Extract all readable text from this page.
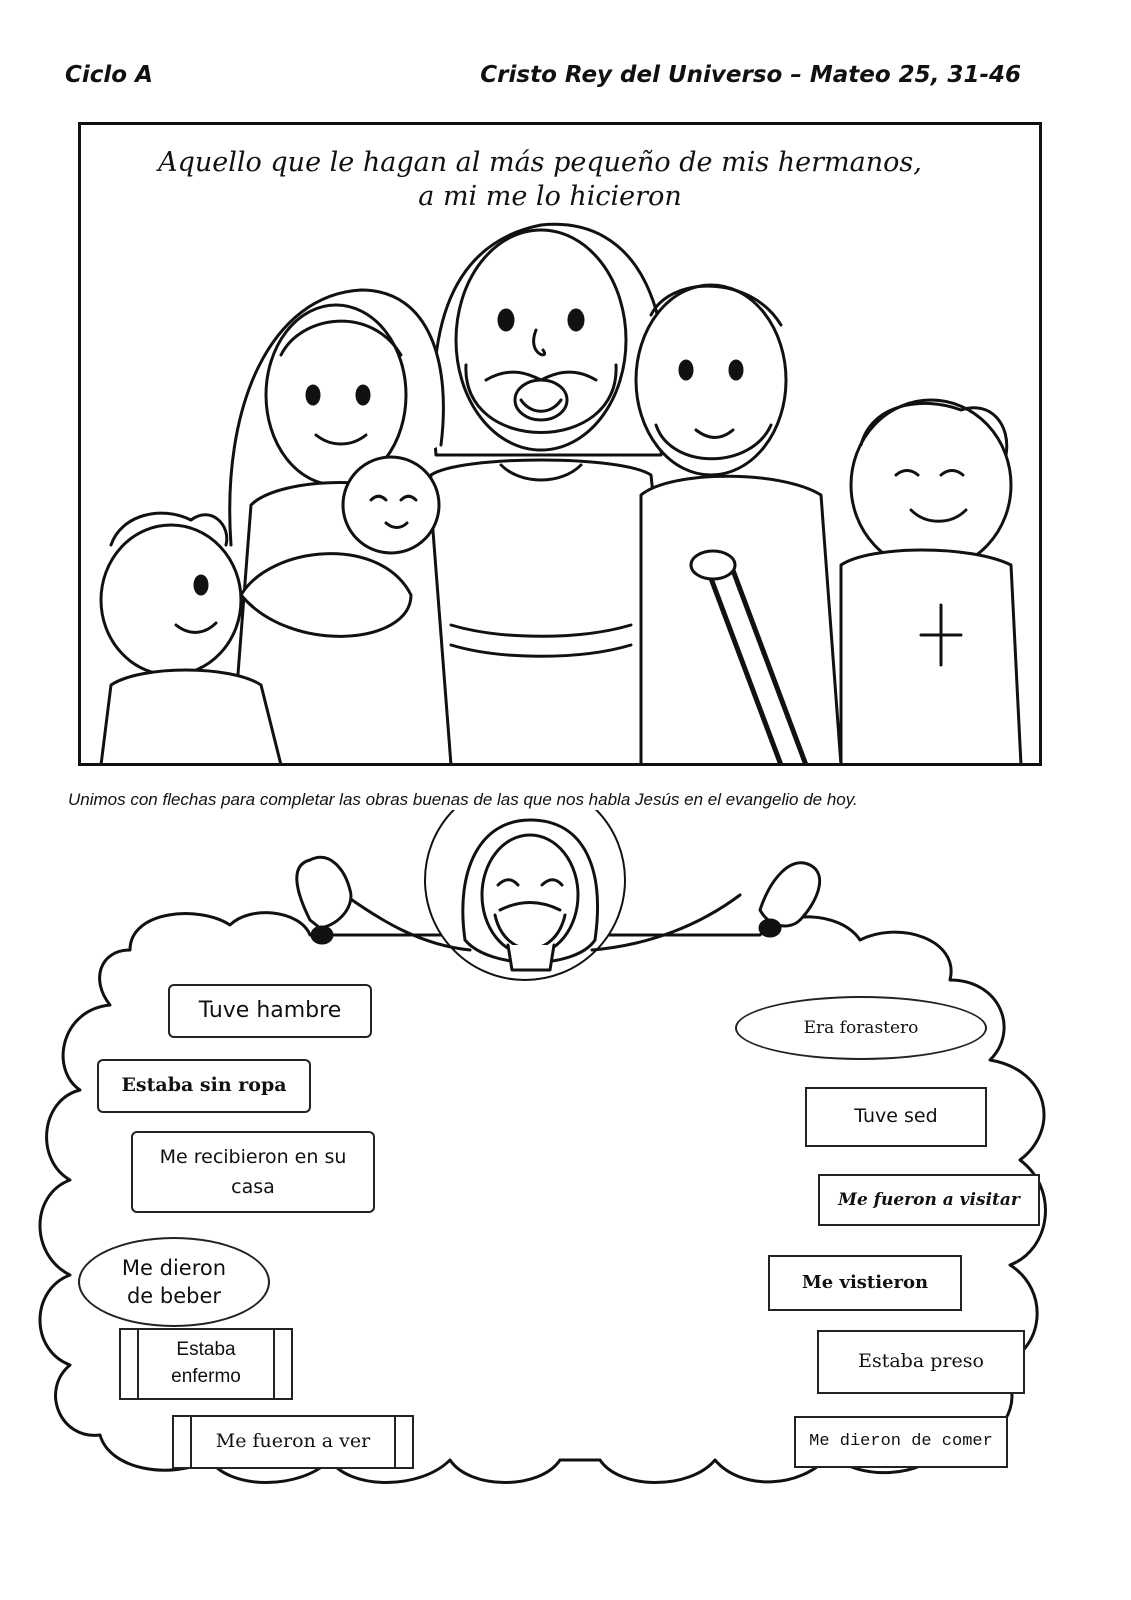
Ciclo A	Cristo Rey del Universo – Mateo 25, 31-46
Aquello que le hagan al más pequeño de mis hermanos,
a mi me lo hicieron
Unimos con flechas para completar las obras buenas de las que nos habla Jesús en el evangelio de hoy.
Tuve hambre
Estaba sin ropa
Me recibieron en su casa
Me dieron de beber
Estaba enfermo
Me fueron a ver
Era forastero
Tuve sed
Me fueron a visitar
Me vistieron
Estaba preso
Me dieron de comer
